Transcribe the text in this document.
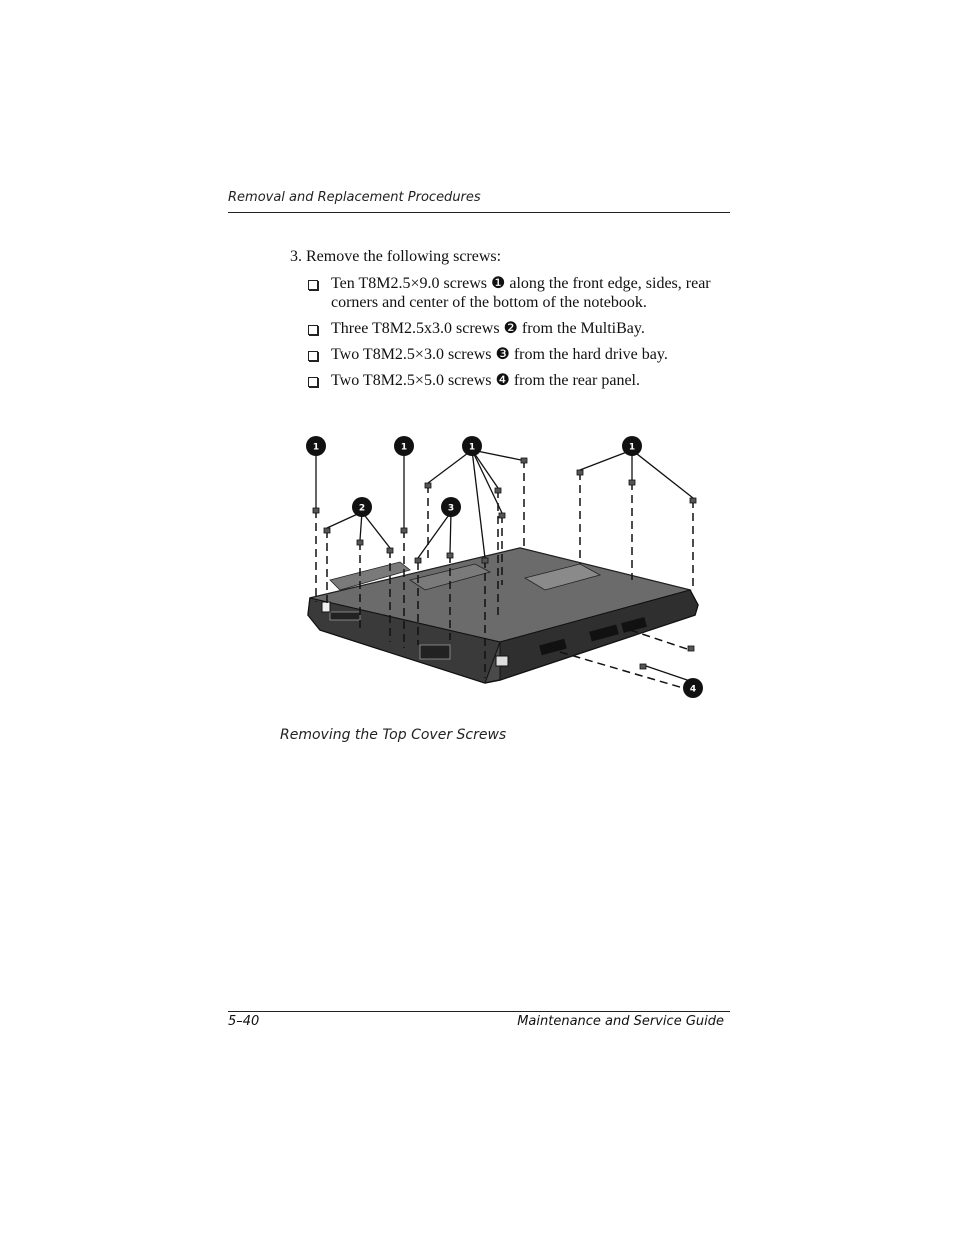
Removal and Replacement Procedures
3. Remove the following screws:
Ten T8M2.5×9.0 screws ❶ along the front edge, sides, rear corners and center of the bottom of the notebook.
Three T8M2.5x3.0 screws ❷ from the MultiBay.
Two T8M2.5×3.0 screws ❸ from the hard drive bay.
Two T8M2.5×5.0 screws ❹ from the rear panel.
1	1	1	1
2	3
4
Removing the Top Cover Screws
5–40	Maintenance and Service Guide
